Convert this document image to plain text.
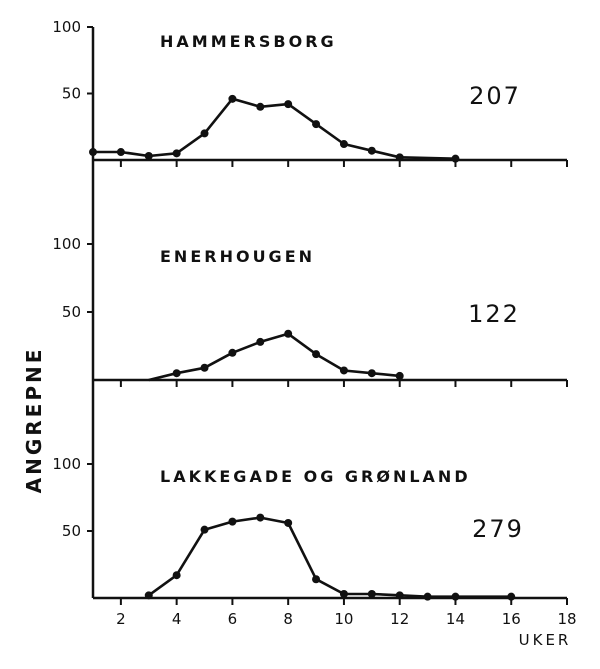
ANGREPNE
UKER
50
100
HAMMERSBORG
207
50
100
ENERHOUGEN
122
50
100
LAKKEGADE OG GRØNLAND
279
2	4	6	8	10 12 14 16 18
